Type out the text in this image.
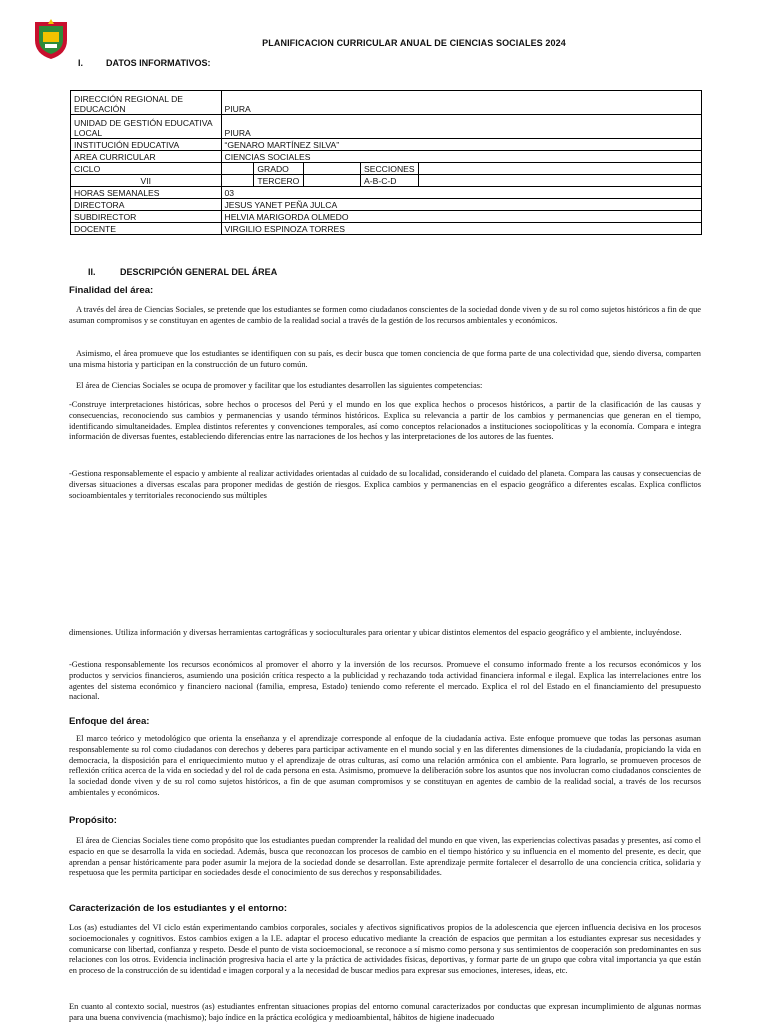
PLANIFICACION CURRICULAR ANUAL DE CIENCIAS SOCIALES 2024
I.	DATOS INFORMATIVOS:
DIRECCIÓN REGIONAL DE EDUCACIÓN	PIURA				
UNIDAD DE GESTIÓN EDUCATIVA LOCAL	PIURA				
INSTITUCIÓN EDUCATIVA	“GENARO MARTÍNEZ SILVA”				
AREA CURRICULAR	CIENCIAS SOCIALES				
CICLO		GRADO		SECCIONES	
VII		TERCERO		A-B-C-D	
HORAS SEMANALES	03				
DIRECTORA	JESUS YANET PEÑA JULCA				
SUBDIRECTOR	HELVIA MARIGORDA OLMEDO				
DOCENTE	VIRGILIO ESPINOZA TORRES				
II.	DESCRIPCIÓN GENERAL DEL ÁREA
Finalidad del área:

A través del área de Ciencias Sociales, se pretende que los estudiantes se formen como ciudadanos conscientes de la sociedad donde viven y de su rol como sujetos históricos a fin de que asuman compromisos y se constituyan en agentes de cambio de la realidad social a través de la gestión de los recursos ambientales y económicos.

Asimismo, el área promueve que los estudiantes se identifiquen con su país, es decir busca que tomen conciencia de que forma parte de una colectividad que, siendo diversa, comparten una misma historia y participan en la construcción de un futuro común.

El área de Ciencias Sociales se ocupa de promover y facilitar que los estudiantes desarrollen las siguientes competencias:

-Construye interpretaciones históricas, sobre hechos o procesos del Perú y el mundo en los que explica hechos o procesos históricos, a partir de la clasificación de las causas y consecuencias, reconociendo sus cambios y permanencias y usando términos históricos. Explica su relevancia a partir de los cambios y permanencias que generan en el tiempo, identificando simultaneidades. Emplea distintos referentes y convenciones temporales, así como conceptos relacionados a instituciones sociopolíticas y la economía. Compara e integra información de diversas fuentes, estableciendo diferencias entre las narraciones de los hechos y las interpretaciones de los autores de las fuentes.

-Gestiona responsablemente el espacio y ambiente al realizar actividades orientadas al cuidado de su localidad, considerando el cuidado del planeta. Compara las causas y consecuencias de diversas situaciones a diversas escalas para proponer medidas de gestión de riesgos. Explica cambios y permanencias en el espacio geográfico a diferentes escalas. Explica conflictos socioambientales y territoriales reconociendo sus múltiples

dimensiones. Utiliza información y diversas herramientas cartográficas y socioculturales para orientar y ubicar distintos elementos del espacio geográfico y el ambiente, incluyéndose.

-Gestiona responsablemente los recursos económicos al promover el ahorro y la inversión de los recursos. Promueve el consumo informado frente a los recursos económicos y los productos y servicios financieros, asumiendo una posición crítica respecto a la publicidad y rechazando toda actividad financiera informal e ilegal. Explica las interrelaciones entre los agentes del sistema económico y financiero nacional (familia, empresa, Estado) teniendo como referente el mercado. Explica el rol del Estado en el financiamiento del presupuesto nacional.

Enfoque del área:

El marco teórico y metodológico que orienta la enseñanza y el aprendizaje corresponde al enfoque de la ciudadanía activa. Este enfoque promueve que todas las personas asuman responsablemente su rol como ciudadanos con derechos y deberes para participar activamente en el mundo social y en las diferentes dimensiones de la ciudadanía, propiciando la vida en democracia, la disposición para el enriquecimiento mutuo y el aprendizaje de otras culturas, así como una relación armónica con el ambiente. Para lograrlo, se promueven procesos de reflexión crítica acerca de la vida en sociedad y del rol de cada persona en esta. Asimismo, promueve la deliberación sobre los asuntos que nos involucran como ciudadanos conscientes de la sociedad donde viven y de su rol como sujetos históricos, a fin de que asuman compromisos y se constituyan en agentes de cambio de la realidad social, a través de los recursos ambientales y económicos.

Propósito:

El área de Ciencias Sociales tiene como propósito que los estudiantes puedan comprender la realidad del mundo en que viven, las experiencias colectivas pasadas y presentes, así como el espacio en que se desarrolla la vida en sociedad. Además, busca que reconozcan los procesos de cambio en el tiempo histórico y su influencia en el momento del presente, es decir, que aprendan a pensar históricamente para poder asumir la mejora de la sociedad donde se desarrollan. Este aprendizaje permite fortalecer el desarrollo de una conciencia crítica, solidaria y respetuosa que les permita participar en sociedades desde el conocimiento de sus derechos y responsabilidades.

Caracterización de los estudiantes y el entorno:

Los (as) estudiantes del VI ciclo están experimentando cambios corporales, sociales y afectivos significativos propios de la adolescencia que ejercen influencia decisiva en los procesos socioemocionales y cognitivos. Estos cambios exigen a la I.E. adaptar el proceso educativo mediante la creación de espacios que permitan a los estudiantes expresar sus necesidades y comunicarse con libertad, confianza y respeto. Desde el punto de vista socioemocional, se reconoce a sí mismo como persona y sus sentimientos de cooperación son predominantes en sus relaciones con los otros. Evidencia inclinación progresiva hacia el arte y la práctica de actividades físicas, deportivas, y formar parte de un grupo que cobra vital importancia ya que están en proceso de la construcción de su identidad e imagen corporal y a la necesidad de buscar medios para expresar sus emociones, intereses, ideas, etc.

En cuanto al contexto social, nuestros (as) estudiantes enfrentan situaciones propias del entorno comunal caracterizados por conductas que expresan incumplimiento de algunas normas para una buena convivencia (machismo); bajo índice en la práctica ecológica y medioambiental, hábitos de higiene inadecuado
